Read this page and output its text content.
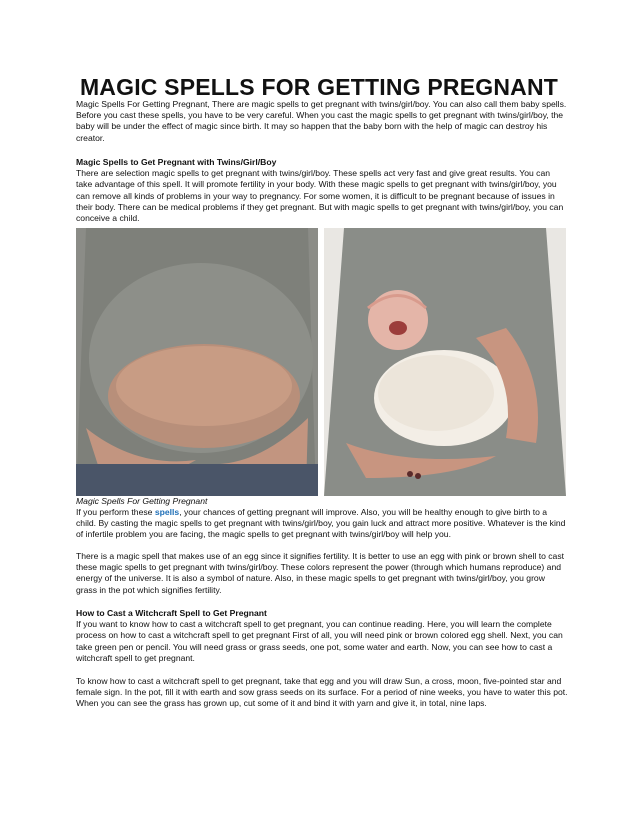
MAGIC SPELLS FOR GETTING PREGNANT

Magic Spells For Getting Pregnant, There are magic spells to get pregnant with twins/girl/boy. You can also call them baby spells. Before you cast these spells, you have to be very careful. When you cast the magic spells to get pregnant with twins/girl/boy, the baby will be under the effect of magic since birth. It may so happen that the baby born with the help of magic can destroy his creator.

Magic Spells to Get Pregnant with Twins/Girl/Boy
There are selection magic spells to get pregnant with twins/girl/boy. These spells act very fast and give great results. You can take advantage of this spell. It will promote fertility in your body. With these magic spells to get pregnant with twins/girl/boy, you can remove all kinds of problems in your way to pregnancy. For some women, it is difficult to be pregnant because of issues in their body. There can be medical problems if they get pregnant. But with magic spells to get pregnant with twins/girl/boy, you can conceive a child.
Magic Spells For Getting Pregnant

If you perform these spells, your chances of getting pregnant will improve. Also, you will be healthy enough to give birth to a child. By casting the magic spells to get pregnant with twins/girl/boy, you gain luck and attract more positive. Whatever is the kind of infertile problem you are facing, the magic spells to get pregnant with twins/girl/boy will help you.

There is a magic spell that makes use of an egg since it signifies fertility. It is better to use an egg with pink or brown shell to cast these magic spells to get pregnant with twins/girl/boy. These colors represent the power (through which humans reproduce) and energy of the universe. It is also a symbol of nature. Also, in these magic spells to get pregnant with twins/girl/boy, you grow grass in the pot which signifies fertility.

How to Cast a Witchcraft Spell to Get Pregnant
If you want to know how to cast a witchcraft spell to get pregnant, you can continue reading. Here, you will learn the complete process on how to cast a witchcraft spell to get pregnant First of all, you will need pink or brown colored egg shell. Next, you can take green pen or pencil. You will need grass or grass seeds, one pot, some water and earth. Now, you can see how to cast a witchcraft spell to get pregnant.

To know how to cast a witchcraft spell to get pregnant, take that egg and you will draw Sun, a cross, moon, five-pointed star and female sign. In the pot, fill it with earth and sow grass seeds on its surface. For a period of nine weeks, you have to water this pot. When you can see the grass has grown up, cut some of it and bind it with yarn and give it, in total, nine laps.
